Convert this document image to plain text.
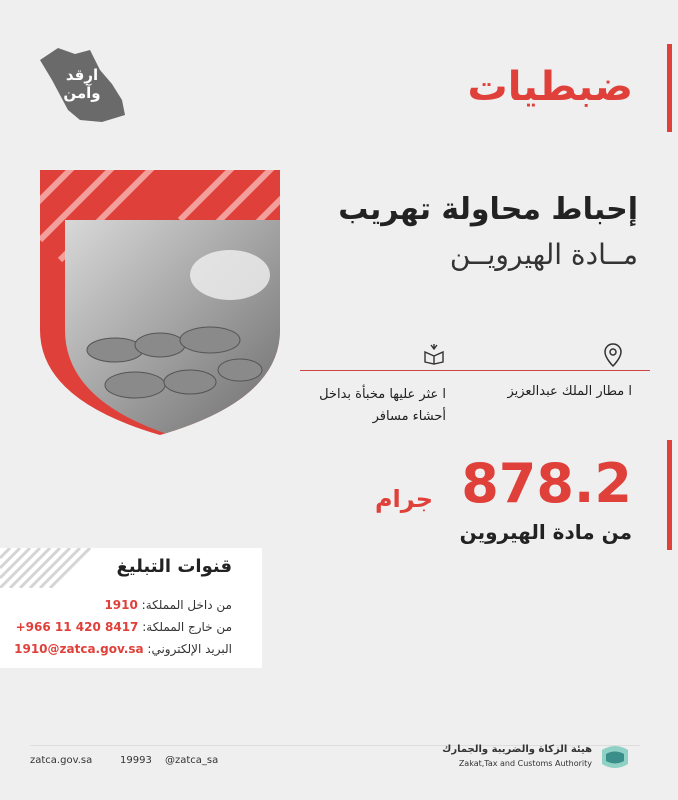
ارقد
وآمن	ضبطيات
إحباط محاولة تهريب
مــادة الهيرويــن
ا مطار الملك عبدالعزيز
ا عثر عليها مخبأة بداخل
أحشاء مسافر
878.2
جرام
من مادة الهيروين
قنوات التبليغ
من داخل المملكة: 1910
من خارج المملكة: +966 11 420 8417
البريد الإلكتروني: 1910@zatca.gov.sa
zatca.gov.sa	19993 @zatca_sa
هيئة الزكاة والضريبة والجمارك
Zakat,Tax and Customs Authority
